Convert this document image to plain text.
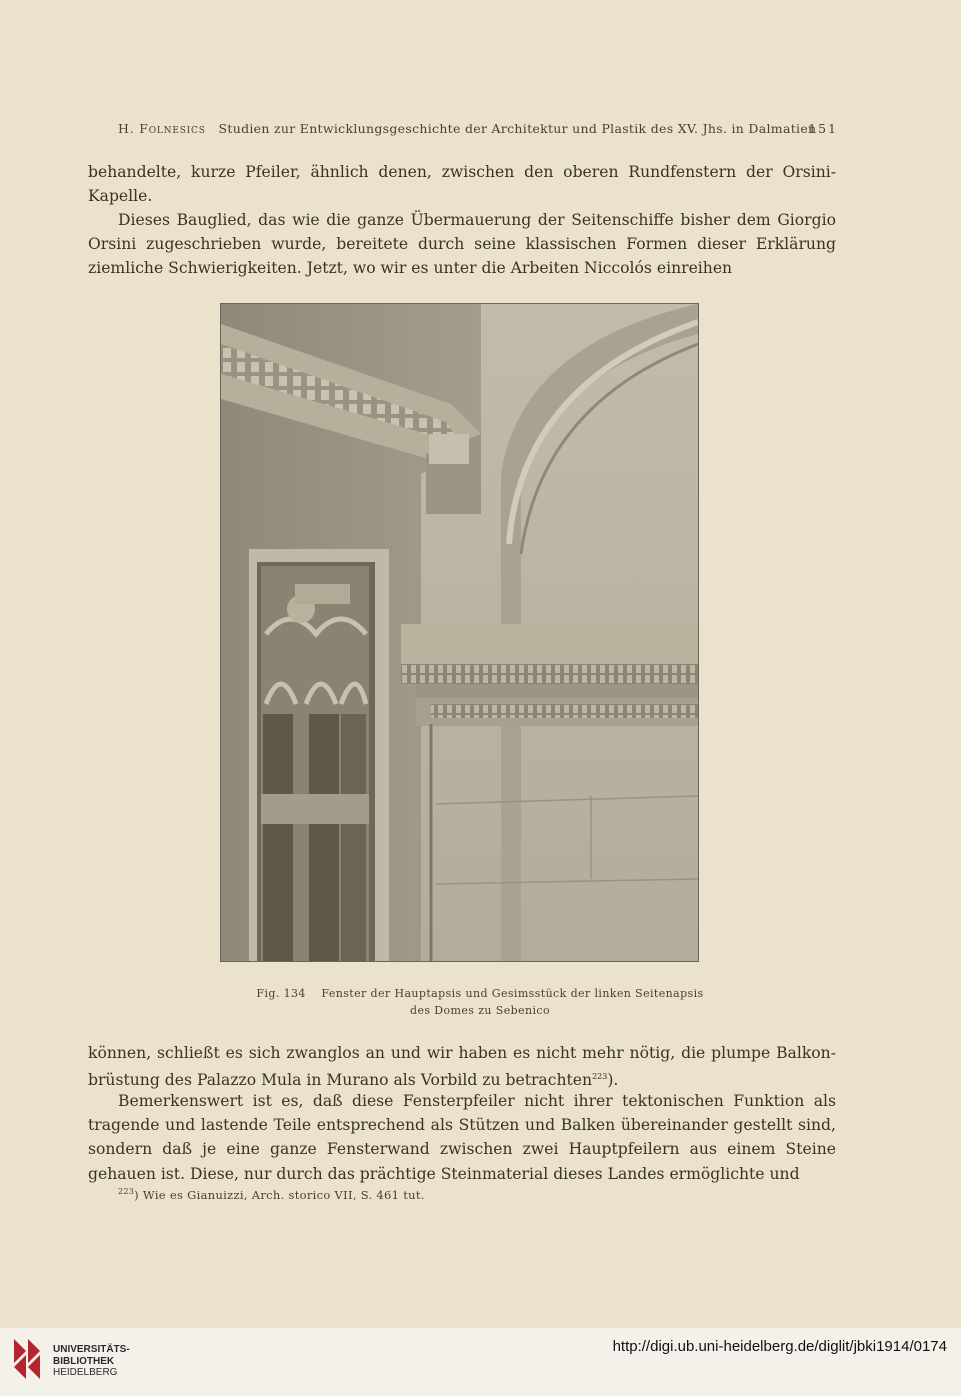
H. Folnesics Studien zur Entwicklungsgeschichte der Architektur und Plastik des XV. Jhs. in Dalmatien
151
behandelte, kurze Pfeiler, ähnlich denen, zwischen den oberen Rundfenstern der Orsini-Kapelle.
Dieses Bauglied, das wie die ganze Übermauerung der Seitenschiffe bisher dem Giorgio Orsini zugeschrieben wurde, bereitete durch seine klassischen Formen dieser Erklärung ziemliche Schwierigkeiten. Jetzt, wo wir es unter die Arbeiten Niccolós einreihen
Fig. 134 Fenster der Hauptapsis und Gesimsstück der linken Seitenapsis
des Domes zu Sebenico
können, schließt es sich zwanglos an und wir haben es nicht mehr nötig, die plumpe Balkon-brüstung des Palazzo Mula in Murano als Vorbild zu betrachten$^{223}$).
Bemerkenswert ist es, daß diese Fensterpfeiler nicht ihrer tektonischen Funktion als tragende und lastende Teile entsprechend als Stützen und Balken übereinander gestellt sind, sondern daß je eine ganze Fensterwand zwischen zwei Hauptpfeilern aus einem Steine gehauen ist. Diese, nur durch das prächtige Steinmaterial dieses Landes ermöglichte und
$^{223}$) Wie es Gianuizzi, Arch. storico VII, S. 461 tut.
UNIVERSITÄTS-
BIBLIOTHEK
HEIDELBERG
http://digi.ub.uni-heidelberg.de/diglit/jbki1914/0174
